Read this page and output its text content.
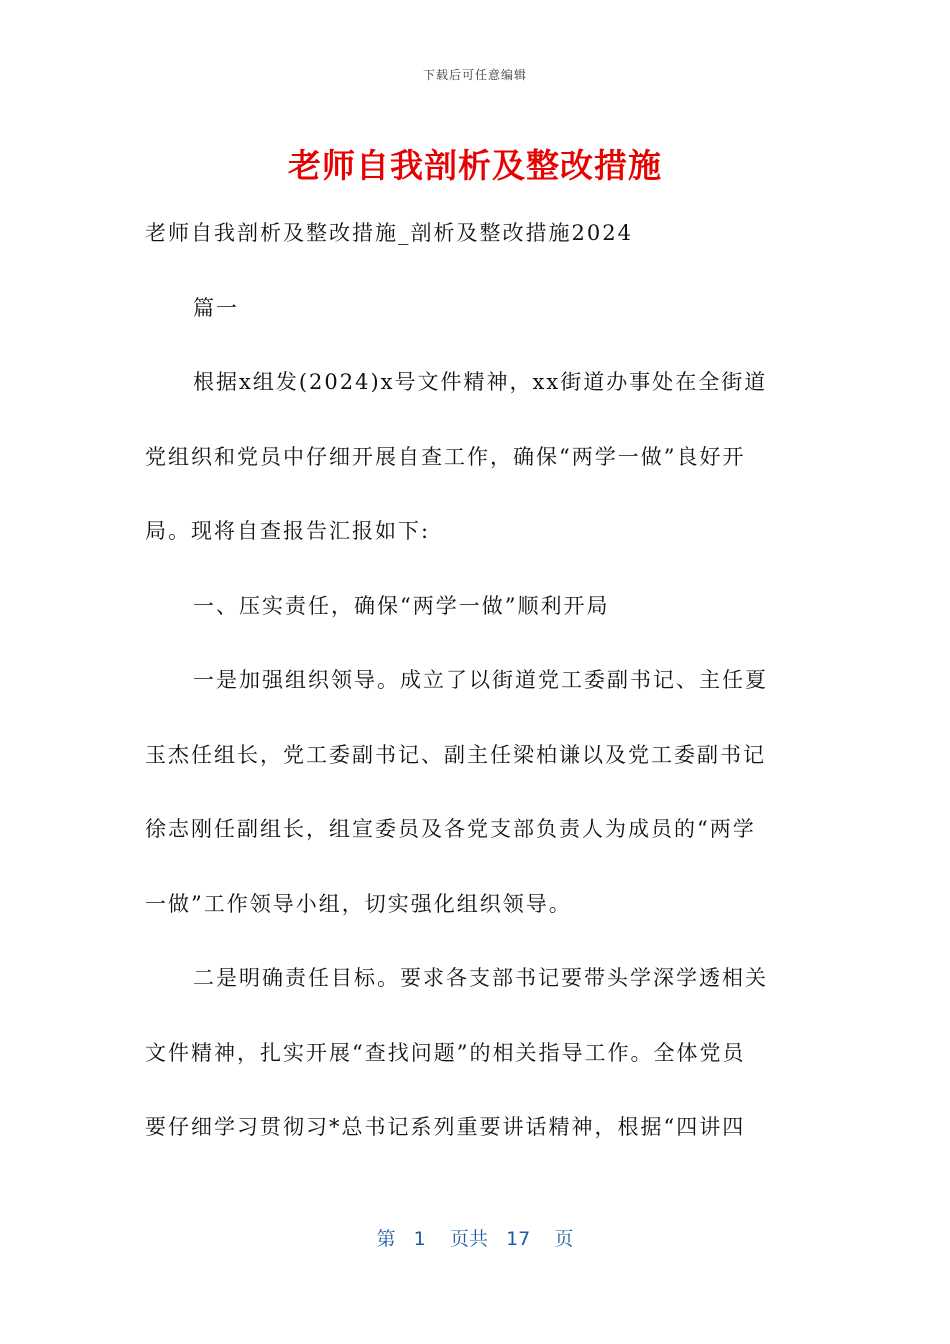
下载后可任意编辑
老师自我剖析及整改措施

老师自我剖析及整改措施_剖析及整改措施2024

篇一

根据x组发(2024)x号文件精神，xx街道办事处在全街道

党组织和党员中仔细开展自查工作，确保“两学一做”良好开

局。现将自查报告汇报如下:

一、压实责任，确保“两学一做”顺利开局

一是加强组织领导。成立了以街道党工委副书记、主任夏

玉杰任组长，党工委副书记、副主任梁柏谦以及党工委副书记

徐志刚任副组长，组宣委员及各党支部负责人为成员的“两学

一做”工作领导小组，切实强化组织领导。

二是明确责任目标。要求各支部书记要带头学深学透相关

文件精神，扎实开展“查找问题”的相关指导工作。全体党员

要仔细学习贯彻习*总书记系列重要讲话精神，根据“四讲四

第 1 页共 17 页
